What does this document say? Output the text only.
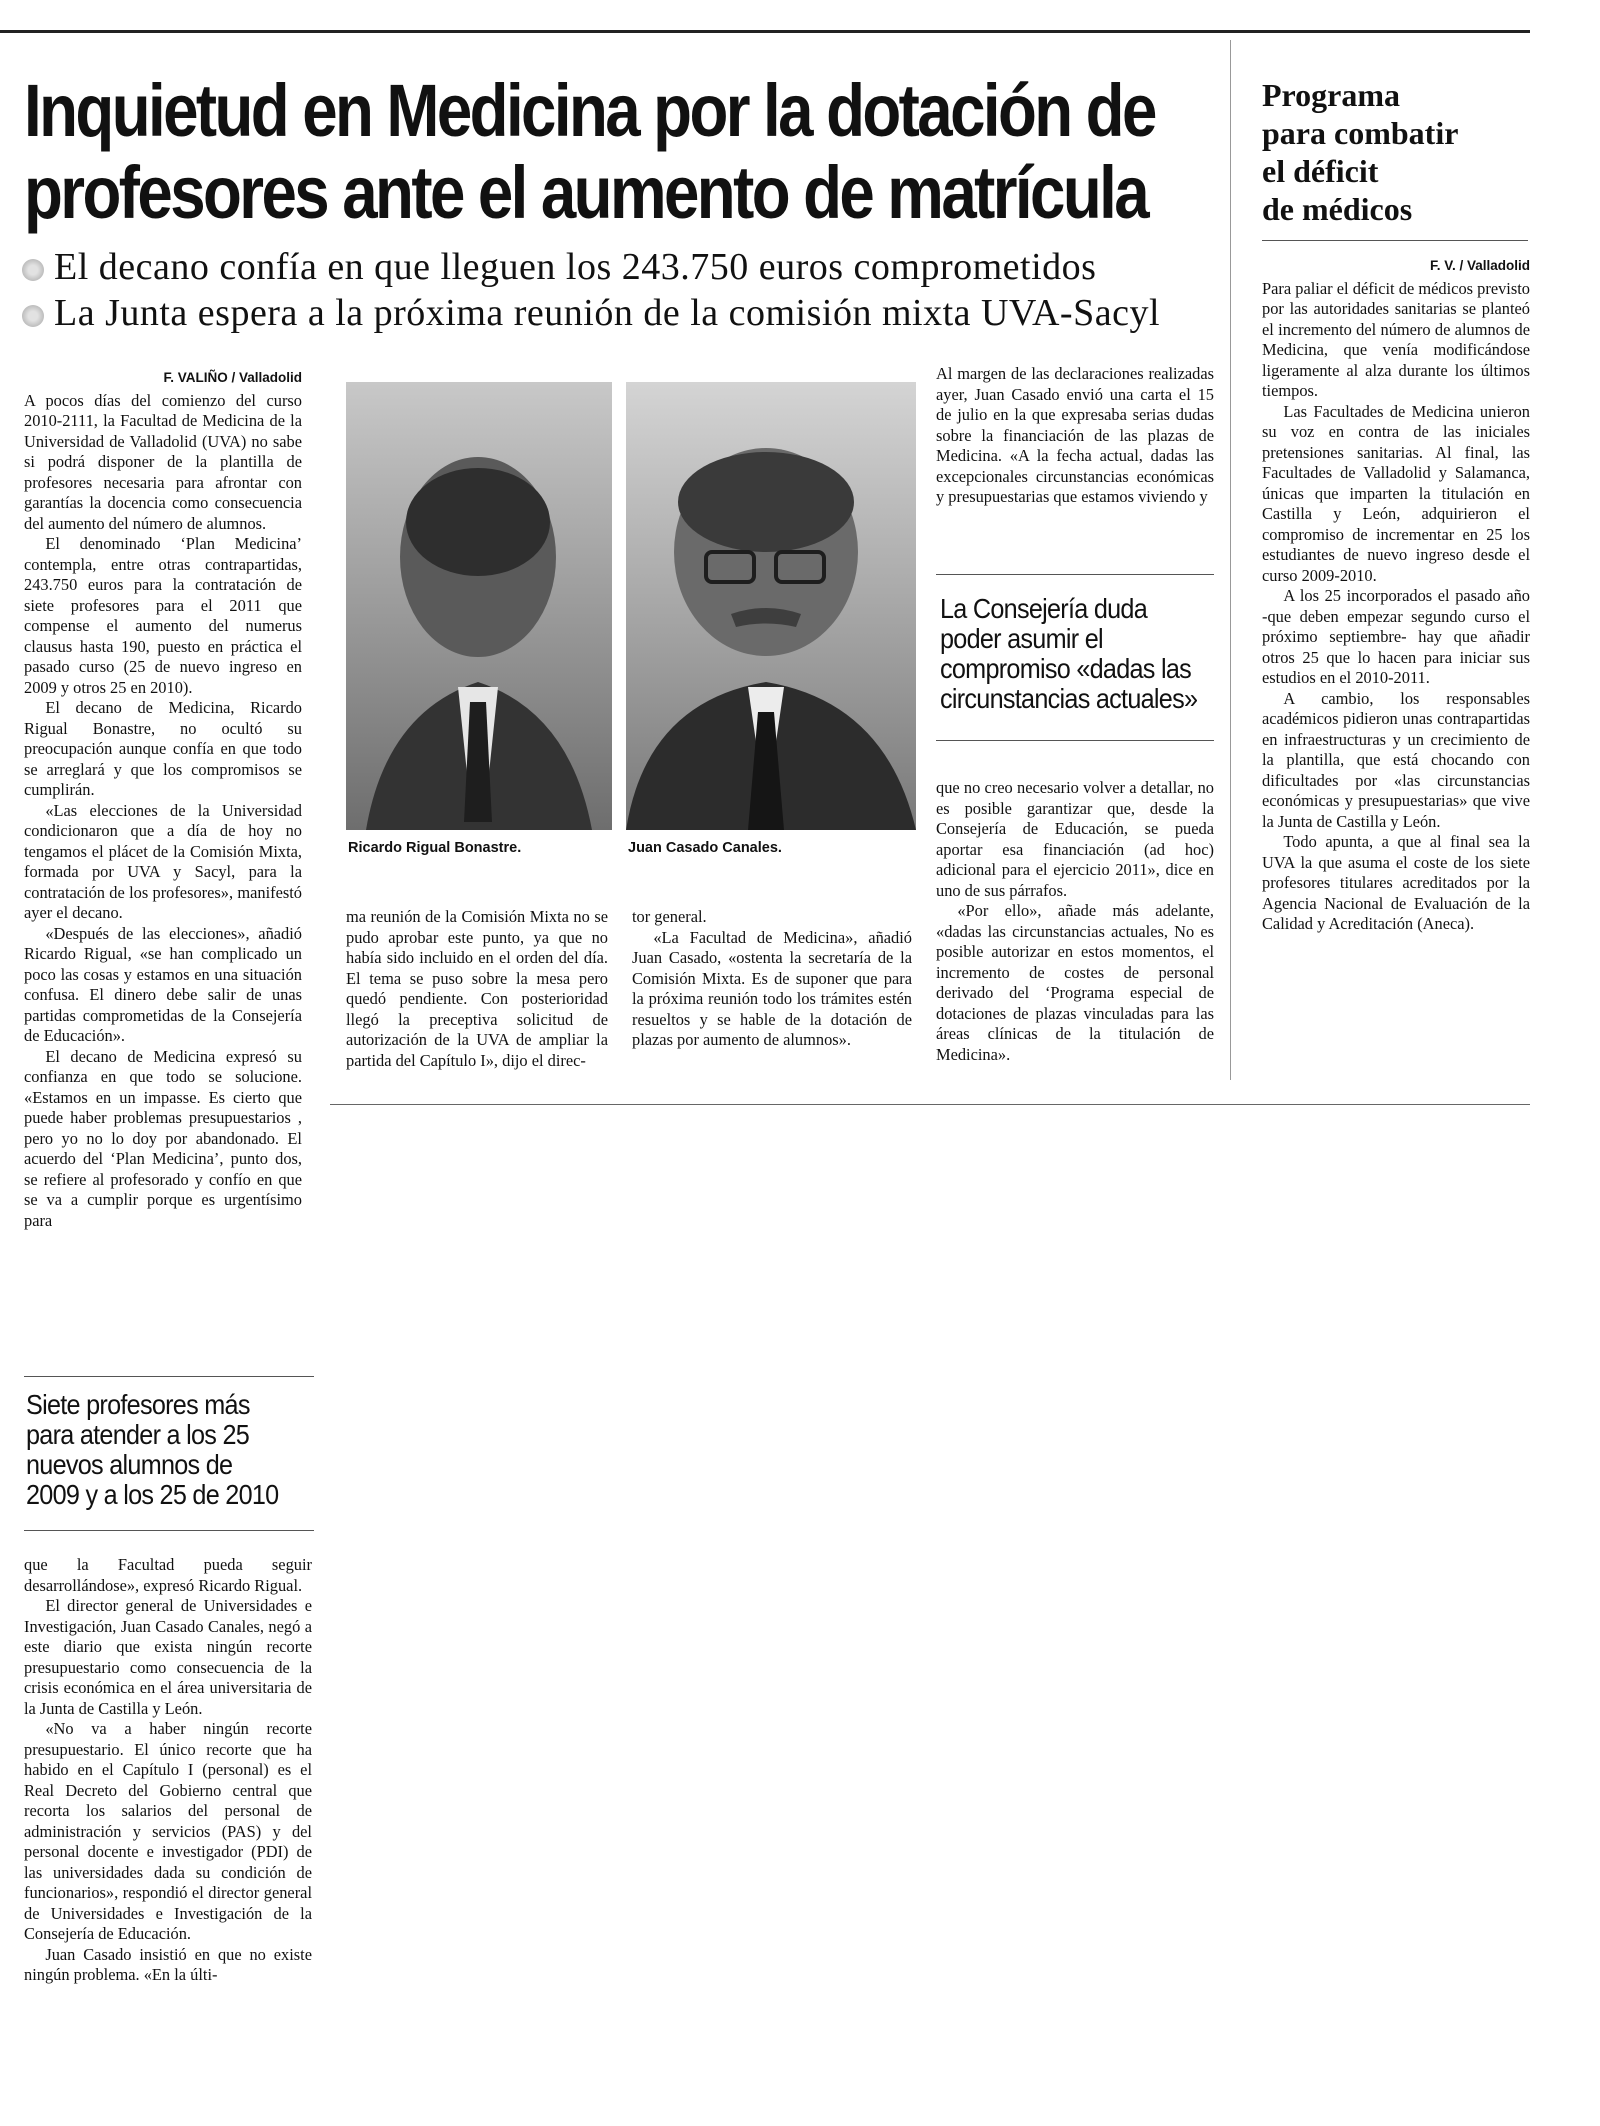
Inquietud en Medicina por la dotación de
profesores ante el aumento de matrícula
El decano confía en que lleguen los 243.750 euros comprometidos
La Junta espera a la próxima reunión de la comisión mixta UVA-Sacyl
F. VALIÑO / Valladolid

A pocos días del comienzo del curso 2010-2111, la Facultad de Medicina de la Universidad de Valladolid (UVA) no sabe si podrá disponer de la plantilla de profesores necesaria para afrontar con garantías la docencia como consecuencia del aumento del número de alumnos.

El denominado ‘Plan Medicina’ contempla, entre otras contrapartidas, 243.750 euros para la contratación de siete profesores para el 2011 que compense el aumento del numerus clausus hasta 190, puesto en práctica el pasado curso (25 de nuevo ingreso en 2009 y otros 25 en 2010).

El decano de Medicina, Ricardo Rigual Bonastre, no ocultó su preocupación aunque confía en que todo se arreglará y que los compromisos se cumplirán.

«Las elecciones de la Universidad condicionaron que a día de hoy no tengamos el plácet de la Comisión Mixta, formada por UVA y Sacyl, para la contratación de los profesores», manifestó ayer el decano.

«Después de las elecciones», añadió Ricardo Rigual, «se han complicado un poco las cosas y estamos en una situación confusa. El dinero debe salir de unas partidas comprometidas de la Consejería de Educación».

El decano de Medicina expresó su confianza en que todo se solucione. «Estamos en un impasse. Es cierto que puede haber problemas presupuestarios , pero yo no lo doy por abandonado. El acuerdo del ‘Plan Medicina’, punto dos, se refiere al profesorado y confío en que se va a cumplir porque es urgentísimo para

Siete profesores más
para atender a los 25
nuevos alumnos de
2009 y a los 25 de 2010

que la Facultad pueda seguir desarrollándose», expresó Ricardo Rigual.

El director general de Universidades e Investigación, Juan Casado Canales, negó a este diario que exista ningún recorte presupuestario como consecuencia de la crisis económica en el área universitaria de la Junta de Castilla y León.

«No va a haber ningún recorte presupuestario. El único recorte que ha habido en el Capítulo I (personal) es el Real Decreto del Gobierno central que recorta los salarios del personal de administración y servicios (PAS) y del personal docente e investigador (PDI) de las universidades dada su condición de funcionarios», respondió el director general de Universidades e Investigación de la Consejería de Educación.

Juan Casado insistió en que no existe ningún problema. «En la últi-

Ricardo Rigual Bonastre.	Juan Casado Canales.

ma reunión de la Comisión Mixta no se pudo aprobar este punto, ya que no había sido incluido en el orden del día. El tema se puso sobre la mesa pero quedó pendiente. Con posterioridad llegó la preceptiva solicitud de autorización de la UVA de ampliar la partida del Capítulo I», dijo el direc-

tor general.

«La Facultad de Medicina», añadió Juan Casado, «ostenta la secretaría de la Comisión Mixta. Es de suponer que para la próxima reunión todo los trámites estén resueltos y se hable de la dotación de plazas por aumento de alumnos».

Al margen de las declaraciones realizadas ayer, Juan Casado envió una carta el 15 de julio en la que expresaba serias dudas sobre la financiación de las plazas de Medicina. «A la fecha actual, dadas las excepcionales circunstancias económicas y presupuestarias que estamos viviendo y

La Consejería duda
poder asumir el
compromiso «dadas las
circunstancias actuales»

que no creo necesario volver a detallar, no es posible garantizar que, desde la Consejería de Educación, se pueda aportar esa financiación (ad hoc) adicional para el ejercicio 2011», dice en uno de sus párrafos.

«Por ello», añade más adelante, «dadas las circunstancias actuales, No es posible autorizar en estos momentos, el incremento de costes de personal derivado del ‘Programa especial de dotaciones de plazas vinculadas para las áreas clínicas de la titulación de Medicina».

Programa
para combatir
el déficit
de médicos
F. V. / Valladolid

Para paliar el déficit de médicos previsto por las autoridades sanitarias se planteó el incremento del número de alumnos de Medicina, que venía modificándose ligeramente al alza durante los últimos tiempos.

Las Facultades de Medicina unieron su voz en contra de las iniciales pretensiones sanitarias. Al final, las Facultades de Valladolid y Salamanca, únicas que imparten la titulación en Castilla y León, adquirieron el compromiso de incrementar en 25 los estudiantes de nuevo ingreso desde el curso 2009-2010.

A los 25 incorporados el pasado año -que deben empezar segundo curso el próximo septiembre- hay que añadir otros 25 que lo hacen para iniciar sus estudios en el 2010-2011.

A cambio, los responsables académicos pidieron unas contrapartidas en infraestructuras y un crecimiento de la plantilla, que está chocando con dificultades por «las circunstancias económicas y presupuestarias» que vive la Junta de Castilla y León.

Todo apunta, a que al final sea la UVA la que asuma el coste de los siete profesores titulares acreditados por la Agencia Nacional de Evaluación de la Calidad y Acreditación (Aneca).
